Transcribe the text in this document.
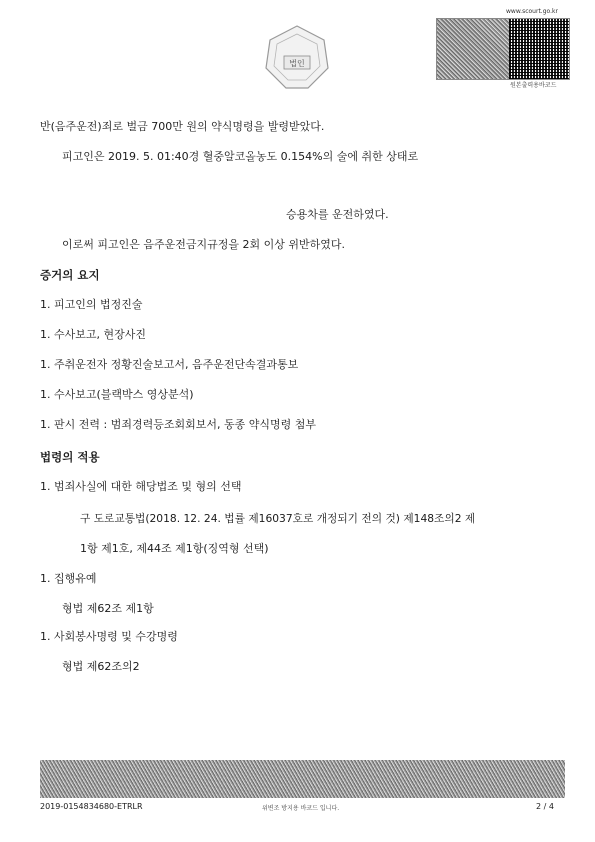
법인
www.scourt.go.kr
원본출력용바코드
반(음주운전)죄로 벌금 700만 원의 약식명령을 발령받았다.
피고인은 2019. 5. 01:40경 혈중알코올농도 0.154%의 술에 취한 상태로
승용차를 운전하였다.
이로써 피고인은 음주운전금지규정을 2회 이상 위반하였다.
증거의 요지
1. 피고인의 법정진술
1. 수사보고, 현장사진
1. 주취운전자 정황진술보고서, 음주운전단속결과통보
1. 수사보고(블랙박스 영상분석)
1. 판시 전력 : 범죄경력등조회회보서, 동종 약식명령 첨부
법령의 적용
1. 범죄사실에 대한 해당법조 및 형의 선택
구 도로교통법(2018. 12. 24. 법률 제16037호로 개정되기 전의 것) 제148조의2 제
1항 제1호, 제44조 제1항(징역형 선택)
1. 집행유예
형법 제62조 제1항
1. 사회봉사명령 및 수강명령
형법 제62조의2
2019-0154834680-ETRLR	위변조 방지용 바코드 입니다.	2 / 4
